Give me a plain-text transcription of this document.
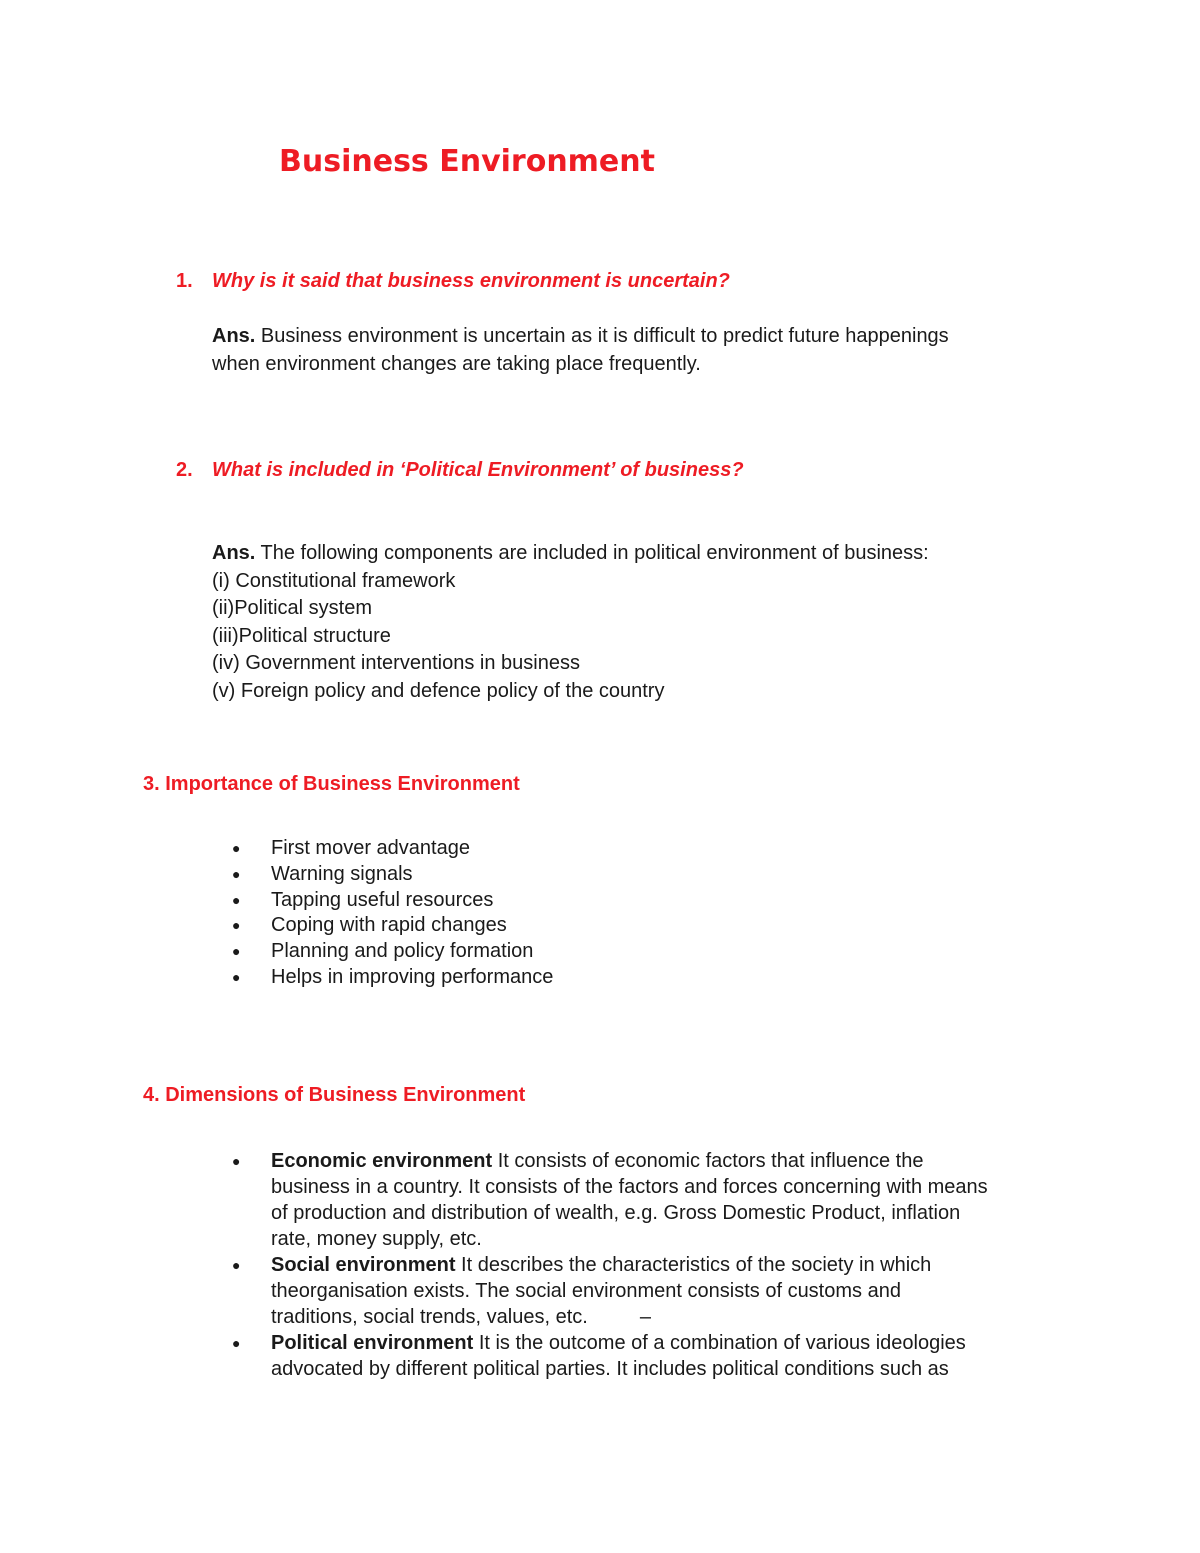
Business Environment
1. Why is it said that business environment is uncertain?
Ans. Business environment is uncertain as it is difficult to predict future happenings
when environment changes are taking place frequently.
2. What is included in ‘Political Environment’ of business?
Ans. The following components are included in political environment of business:
(i) Constitutional framework
(ii)Political system
(iii)Political structure
(iv) Government interventions in business
(v) Foreign policy and defence policy of the country
3. Importance of Business Environment
● First mover advantage
● Warning signals
● Tapping useful resources
● Coping with rapid changes
● Planning and policy formation
● Helps in improving performance
4. Dimensions of Business Environment
● Economic environment It consists of economic factors that influence the
business in a country. It consists of the factors and forces concerning with means
of production and distribution of wealth, e.g. Gross Domestic Product, inflation
rate, money supply, etc.
● Social environment It describes the characteristics of the society in which
theorganisation exists. The social environment consists of customs and
traditions, social trends, values, etc.	–
● Political environment It is the outcome of a combination of various ideologies
advocated by different political parties. It includes political conditions such as
